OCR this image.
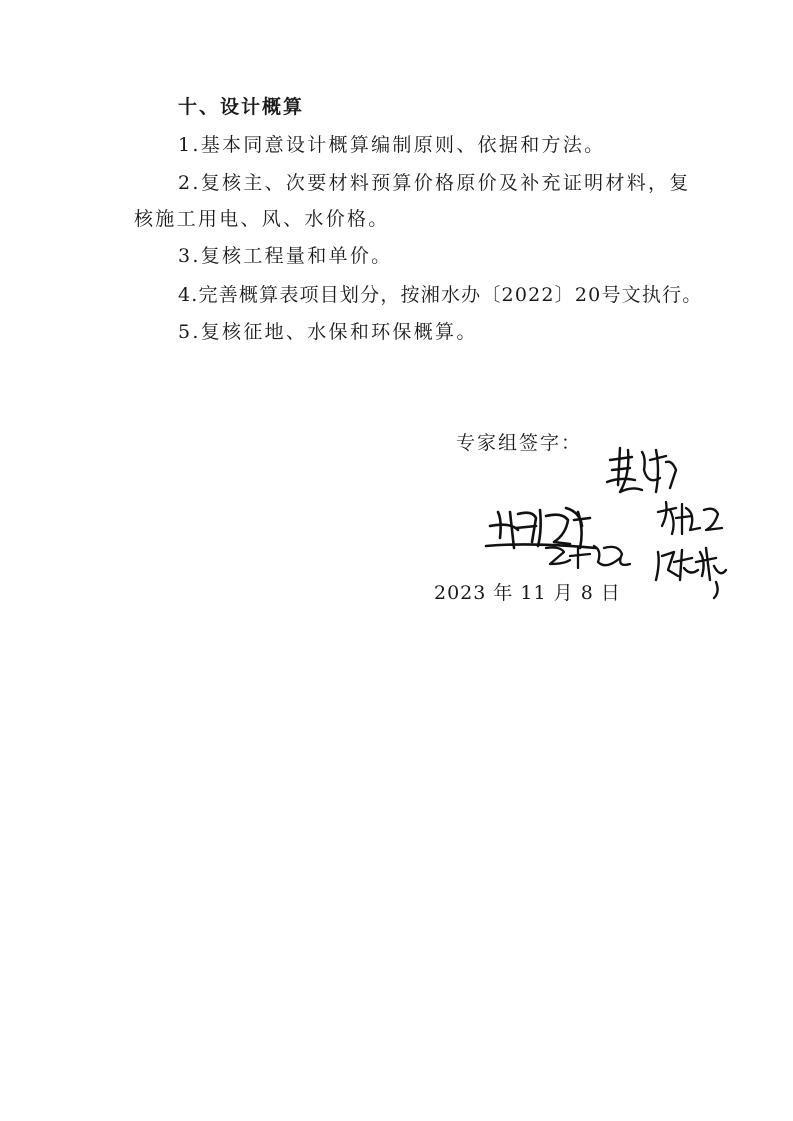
十、设计概算
1.基本同意设计概算编制原则、依据和方法。
2.复核主、次要材料预算价格原价及补充证明材料，复
核施工用电、风、水价格。
3.复核工程量和单价。
4.完善概算表项目划分，按湘水办〔2022〕20号文执行。
5.复核征地、水保和环保概算。
专家组签字：
2023 年 11 月 8 日
